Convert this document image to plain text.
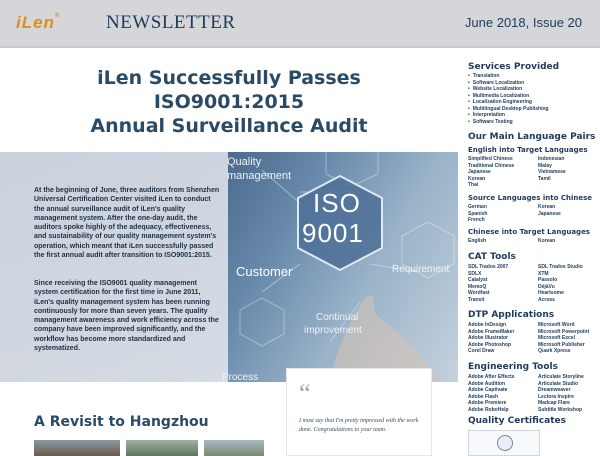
iLen® NEWSLETTER	June 2018, Issue 20
iLen Successfully Passes
ISO9001:2015
Annual Surveillance Audit
Quality
management
ISO
9001
Customer	Requirement
Continual
improvement
Process

At the beginning of June, three auditors from Shenzhen Universal Certification Center visited iLen to conduct the annual surveillance audit of iLen's quality management system. After the one-day audit, the auditors spoke highly of the adequacy, effectiveness, and sustainability of our quality management system's operation, which meant that iLen successfully passed the first annual audit after transition to ISO9001:2015.

Since receiving the ISO9001 quality management system certification for the first time in June 2011, iLen's quality management system has been running continuously for more than seven years. The quality management awareness and work efficiency across the company have been improved significantly, and the workflow has become more standardized and systematized.

A Revisit to Hangzhou
“
I must say that I'm pretty impressed with the work done. Congratulations to your team.
Services Provided
• Translation
• Software Localization
• Website Localization
• Multimedia Localization
• Localization Engineering
• Multilingual Desktop Publishing
• Interpretation
• Software Testing
Our Main Language Pairs
English into Target Languages
Simplified Chinese	Indonesian
Traditional Chinese	Malay
Japanese	Vietnamese
Korean	Tamil
Thai
Source Languages into Chinese
German	Korean
Spanish	Japanese
French
Chinese into Target Languages
English	Korean
CAT Tools
SDL Trados 2007	SDL Trados Studio
SDLX	XTM
Catalyst	Passolo
MemoQ	DéjàVu
Wordfast	Heartsome
Transit	Across
DTP Applications
Adobe InDesign	Microsoft Word
Adobe FrameMaker	Microsoft Powerpoint
Adobe Illustrator	Microsoft Excel
Adobe Photoshop	Microsoft Publisher
Corel Draw	Quark Xpress
Engineering Tools
Adobe After Effects	Articulate Storyline
Adobe Audition	Articulate Studio
Adobe Captivate	Dreamweaver
Adobe Flash	Lectora Inspire
Adobe Premiere	Madcap Flare
Adobe RoboHelp	Subtitle Workshop
Quality Certificates
